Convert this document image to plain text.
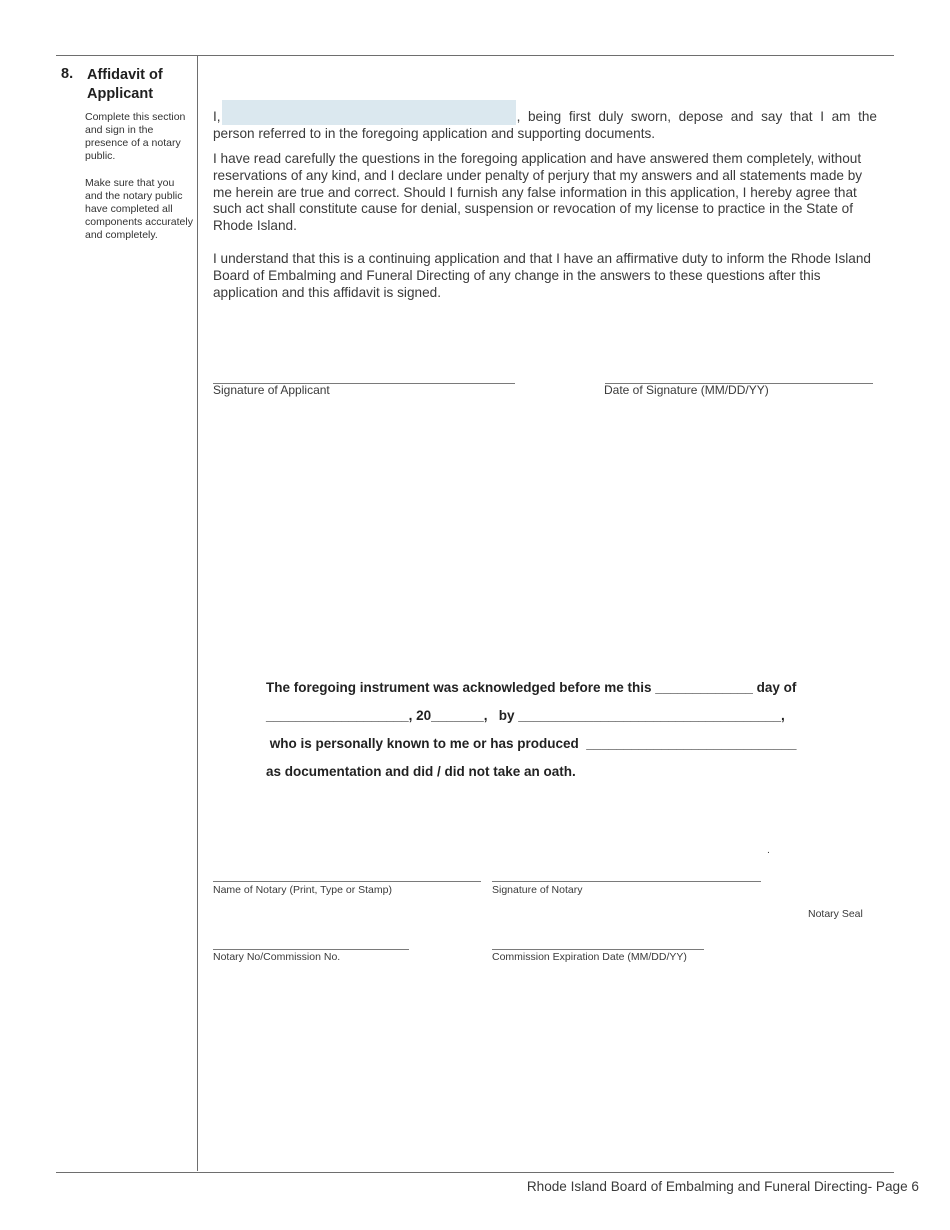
8. Affidavit of Applicant
Complete this section and sign in the presence of a notary public.
Make sure that you and the notary public have completed all components accurately and completely.
I,	, being first duly sworn, depose and say that I am the
person referred to in the foregoing application and supporting documents.
I have read carefully the questions in the foregoing application and have answered them completely, without reservations of any kind, and I declare under penalty of perjury that my answers and all statements made by me herein are true and correct. Should I furnish any false information in this application, I hereby agree that such act shall constitute cause for denial, suspension or revocation of my license to practice in the State of Rhode Island.
I understand that this is a continuing application and that I have an affirmative duty to inform the Rhode Island Board of Embalming and Funeral Directing of any change in the answers to these questions after this application and this affidavit is signed.
Signature of Applicant	Date of Signature (MM/DD/YY)
The foregoing instrument was acknowledged before me this _____________ day of
___________________, 20_______,   by ___________________________________,
who is personally known to me or has produced  ____________________________
as documentation and did / did not take an oath.
.
Name of Notary (Print, Type or Stamp)	Signature of Notary
Notary Seal
Notary No/Commission No.	Commission Expiration Date (MM/DD/YY)
Rhode Island Board of Embalming and Funeral Directing- Page 6
